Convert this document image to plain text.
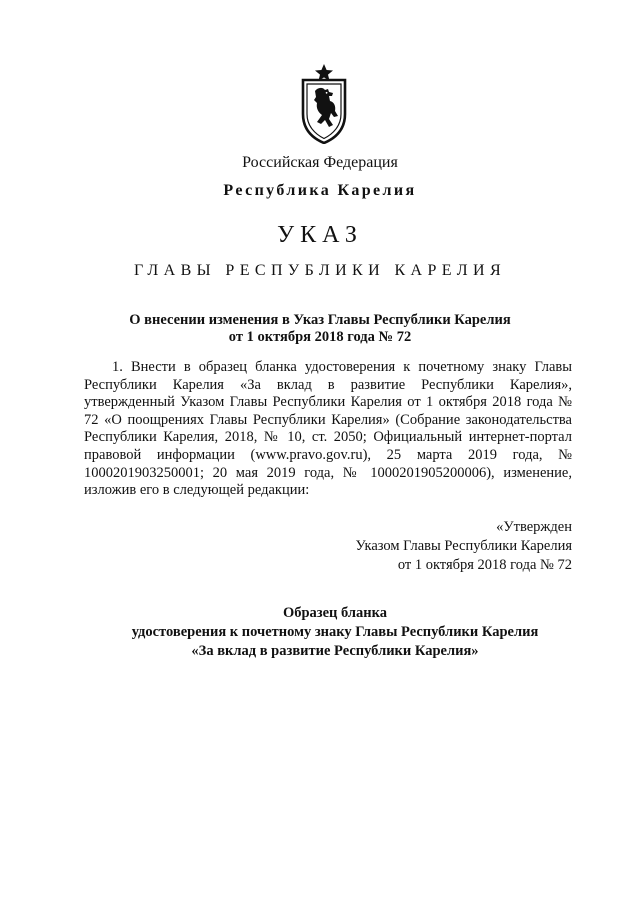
Российская Федерация
Республика Карелия
УКАЗ
ГЛАВЫ РЕСПУБЛИКИ КАРЕЛИЯ
О внесении изменения в Указ Главы Республики Карелия
от 1 октября 2018 года № 72

1. Внести в образец бланка удостоверения к почетному знаку Главы Республики Карелия «За вклад в развитие Республики Карелия», утвержденный Указом Главы Республики Карелия от 1 октября 2018 года № 72 «О поощрениях Главы Республики Карелия» (Собрание законодательства Республики Карелия, 2018, № 10, ст. 2050; Официальный интернет-портал правовой информации (www.pravo.gov.ru), 25 марта 2019 года, № 1000201903250001; 20 мая 2019 года, № 1000201905200006), изменение, изложив его в следующей редакции:

«Утвержден
Указом Главы Республики Карелия
от 1 октября 2018 года № 72
Образец бланка
удостоверения к почетному знаку Главы Республики Карелия
«За вклад в развитие Республики Карелия»
